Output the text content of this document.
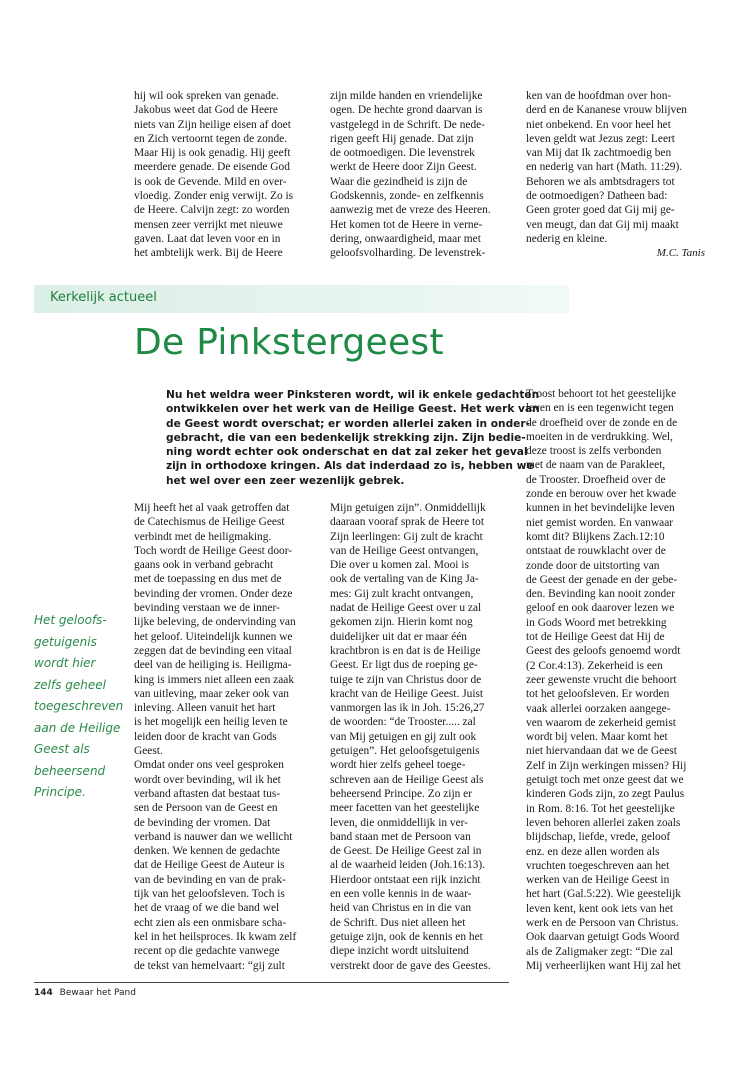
hij wil ook spreken van genade.
Jakobus weet dat God de Heere
niets van Zijn heilige eisen af doet
en Zich vertoornt tegen de zonde.
Maar Hij is ook genadig. Hij geeft
meerdere genade. De eisende God
is ook de Gevende. Mild en over-
vloedig. Zonder enig verwijt. Zo is
de Heere. Calvijn zegt: zo worden
mensen zeer verrijkt met nieuwe
gaven. Laat dat leven voor en in
het ambtelijk werk. Bij de Heere
zijn milde handen en vriendelijke
ogen. De hechte grond daarvan is
vastgelegd in de Schrift. De nede-
rigen geeft Hij genade. Dat zijn
de ootmoedigen. Die levenstrek
werkt de Heere door Zijn Geest.
Waar die gezindheid is zijn de
Godskennis, zonde- en zelfkennis
aanwezig met de vreze des Heeren.
Het komen tot de Heere in verne-
dering, onwaardigheid, maar met
geloofsvolharding. De levenstrek-
ken van de hoofdman over hon-
derd en de Kananese vrouw blijven
niet onbekend. En voor heel het
leven geldt wat Jezus zegt: Leert
van Mij dat Ik zachtmoedig ben
en nederig van hart (Math. 11:29).
Behoren we als ambtsdragers tot
de ootmoedigen? Datheen bad:
Geen groter goed dat Gij mij ge-
ven meugt, dan dat Gij mij maakt
nederig en kleine.
M.C. Tanis
Kerkelijk actueel
De Pinkstergeest
Nu het weldra weer Pinksteren wordt, wil ik enkele gedachten
ontwikkelen over het werk van de Heilige Geest. Het werk van
de Geest wordt overschat; er worden allerlei zaken in onder-
gebracht, die van een bedenkelijk strekking zijn. Zijn bedie-
ning wordt echter ook onderschat en dat zal zeker het geval
zijn in orthodoxe kringen. Als dat inderdaad zo is, hebben we
het wel over een zeer wezenlijk gebrek.
Het geloofs-
getuigenis
wordt hier
zelfs geheel
toegeschreven
aan de Heilige
Geest als
beheersend
Principe.
Mij heeft het al vaak getroffen dat
de Catechismus de Heilige Geest
verbindt met de heiligmaking.
Toch wordt de Heilige Geest door-
gaans ook in verband gebracht
met de toepassing en dus met de
bevinding der vromen. Onder deze
bevinding verstaan we de inner-
lijke beleving, de ondervinding van
het geloof. Uiteindelijk kunnen we
zeggen dat de bevinding een vitaal
deel van de heiliging is. Heiligma-
king is immers niet alleen een zaak
van uitleving, maar zeker ook van
inleving. Alleen vanuit het hart
is het mogelijk een heilig leven te
leiden door de kracht van Gods
Geest.
Omdat onder ons veel gesproken
wordt over bevinding, wil ik het
verband aftasten dat bestaat tus-
sen de Persoon van de Geest en
de bevinding der vromen. Dat
verband is nauwer dan we wellicht
denken. We kennen de gedachte
dat de Heilige Geest de Auteur is
van de bevinding en van de prak-
tijk van het geloofsleven. Toch is
het de vraag of we die band wel
echt zien als een onmisbare scha-
kel in het heilsproces. Ik kwam zelf
recent op die gedachte vanwege
de tekst van hemelvaart: “gij zult
Mijn getuigen zijn”. Onmiddellijk
daaraan vooraf sprak de Heere tot
Zijn leerlingen: Gij zult de kracht
van de Heilige Geest ontvangen,
Die over u komen zal. Mooi is
ook de vertaling van de King Ja-
mes: Gij zult kracht ontvangen,
nadat de Heilige Geest over u zal
gekomen zijn. Hierin komt nog
duidelijker uit dat er maar één
krachtbron is en dat is de Heilige
Geest. Er ligt dus de roeping ge-
tuige te zijn van Christus door de
kracht van de Heilige Geest. Juist
vanmorgen las ik in Joh. 15:26,27
de woorden: “de Trooster..... zal
van Mij getuigen en gij zult ook
getuigen”. Het geloofsgetuigenis
wordt hier zelfs geheel toege-
schreven aan de Heilige Geest als
beheersend Principe. Zo zijn er
meer facetten van het geestelijke
leven, die onmiddellijk in ver-
band staan met de Persoon van
de Geest. De Heilige Geest zal in
al de waarheid leiden (Joh.16:13).
Hierdoor ontstaat een rijk inzicht
en een volle kennis in de waar-
heid van Christus en in die van
de Schrift. Dus niet alleen het
getuige zijn, ook de kennis en het
diepe inzicht wordt uitsluitend
verstrekt door de gave des Geestes.
Troost behoort tot het geestelijke
leven en is een tegenwicht tegen
de droefheid over de zonde en de
moeiten in de verdrukking. Wel,
deze troost is zelfs verbonden
met de naam van de Parakleet,
de Trooster. Droefheid over de
zonde en berouw over het kwade
kunnen in het bevindelijke leven
niet gemist worden. En vanwaar
komt dit? Blijkens Zach.12:10
ontstaat de rouwklacht over de
zonde door de uitstorting van
de Geest der genade en der gebe-
den. Bevinding kan nooit zonder
geloof en ook daarover lezen we
in Gods Woord met betrekking
tot de Heilige Geest dat Hij de
Geest des geloofs genoemd wordt
(2 Cor.4:13). Zekerheid is een
zeer gewenste vrucht die behoort
tot het geloofsleven. Er worden
vaak allerlei oorzaken aangege-
ven waarom de zekerheid gemist
wordt bij velen. Maar komt het
niet hiervandaan dat we de Geest
Zelf in Zijn werkingen missen? Hij
getuigt toch met onze geest dat we
kinderen Gods zijn, zo zegt Paulus
in Rom. 8:16. Tot het geestelijke
leven behoren allerlei zaken zoals
blijdschap, liefde, vrede, geloof
enz. en deze allen worden als
vruchten toegeschreven aan het
werken van de Heilige Geest in
het hart (Gal.5:22). Wie geestelijk
leven kent, kent ook iets van het
werk en de Persoon van Christus.
Ook daarvan getuigt Gods Woord
als de Zaligmaker zegt: “Die zal
Mij verheerlijken want Hij zal het
144 Bewaar het Pand
